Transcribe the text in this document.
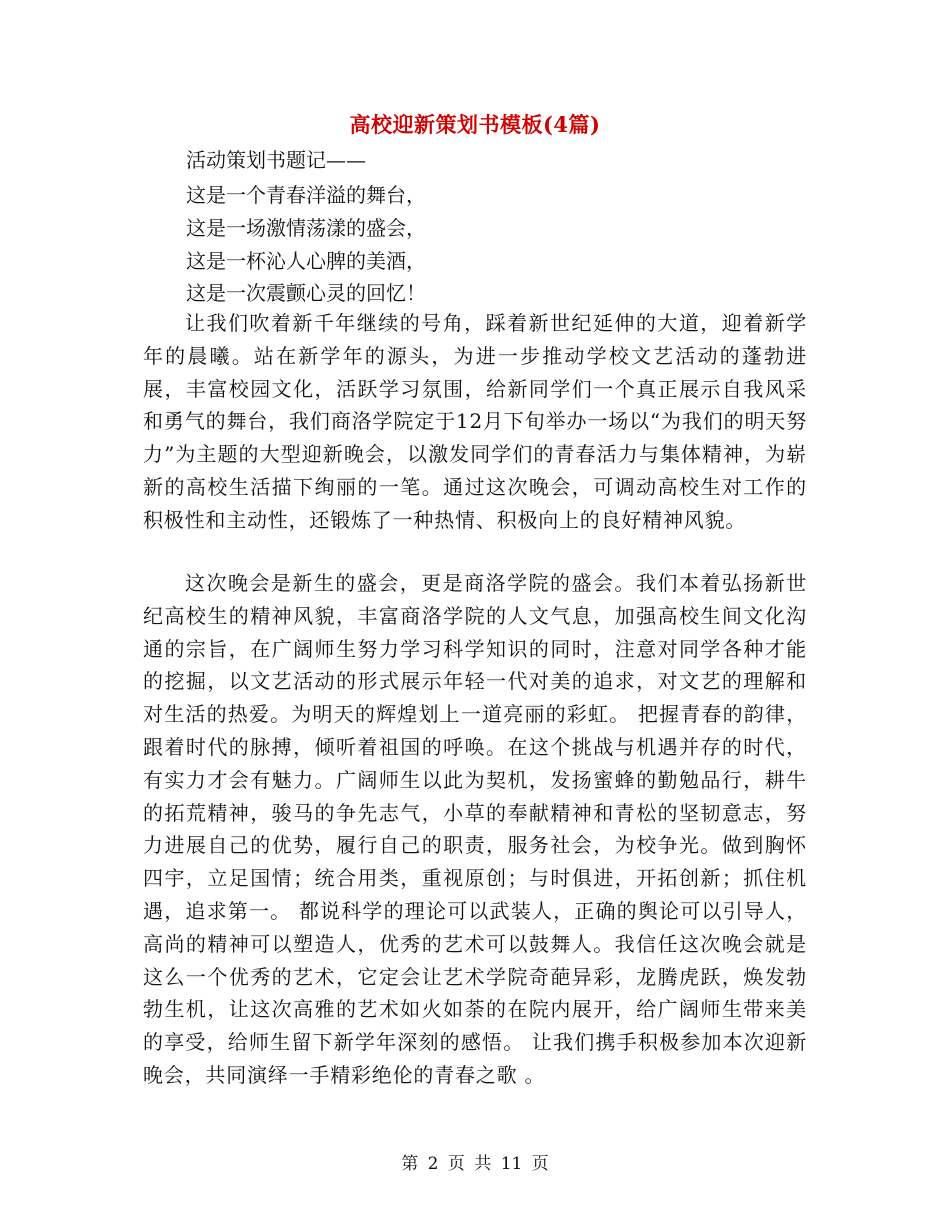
高校迎新策划书模板(4篇)
活动策划书题记——
这是一个青春洋溢的舞台，
这是一场激情荡漾的盛会，
这是一杯沁人心脾的美酒，
这是一次震颤心灵的回忆！

让我们吹着新千年继续的号角，踩着新世纪延伸的大道，迎着新学年的晨曦。站在新学年的源头，为进一步推动学校文艺活动的蓬勃进展，丰富校园文化，活跃学习氛围，给新同学们一个真正展示自我风采和勇气的舞台，我们商洛学院定于12月下旬举办一场以“为我们的明天努力”为主题的大型迎新晚会，以激发同学们的青春活力与集体精神，为崭新的高校生活描下绚丽的一笔。通过这次晚会，可调动高校生对工作的积极性和主动性，还锻炼了一种热情、积极向上的良好精神风貌。

这次晚会是新生的盛会，更是商洛学院的盛会。我们本着弘扬新世纪高校生的精神风貌，丰富商洛学院的人文气息，加强高校生间文化沟通的宗旨，在广阔师生努力学习科学知识的同时，注意对同学各种才能的挖掘，以文艺活动的形式展示年轻一代对美的追求，对文艺的理解和对生活的热爱。为明天的辉煌划上一道亮丽的彩虹。 把握青春的韵律，跟着时代的脉搏，倾听着祖国的呼唤。在这个挑战与机遇并存的时代，有实力才会有魅力。广阔师生以此为契机，发扬蜜蜂的勤勉品行，耕牛的拓荒精神，骏马的争先志气，小草的奉献精神和青松的坚韧意志，努力进展自己的优势，履行自己的职责，服务社会，为校争光。做到胸怀四宇，立足国情；统合用类，重视原创；与时俱进，开拓创新；抓住机遇，追求第一。 都说科学的理论可以武装人，正确的舆论可以引导人，高尚的精神可以塑造人，优秀的艺术可以鼓舞人。我信任这次晚会就是这么一个优秀的艺术，它定会让艺术学院奇葩异彩，龙腾虎跃，焕发勃勃生机，让这次高雅的艺术如火如荼的在院内展开，给广阔师生带来美的享受，给师生留下新学年深刻的感悟。 让我们携手积极参加本次迎新晚会，共同演绎一手精彩绝伦的青春之歌 。

第 2 页 共 11 页
